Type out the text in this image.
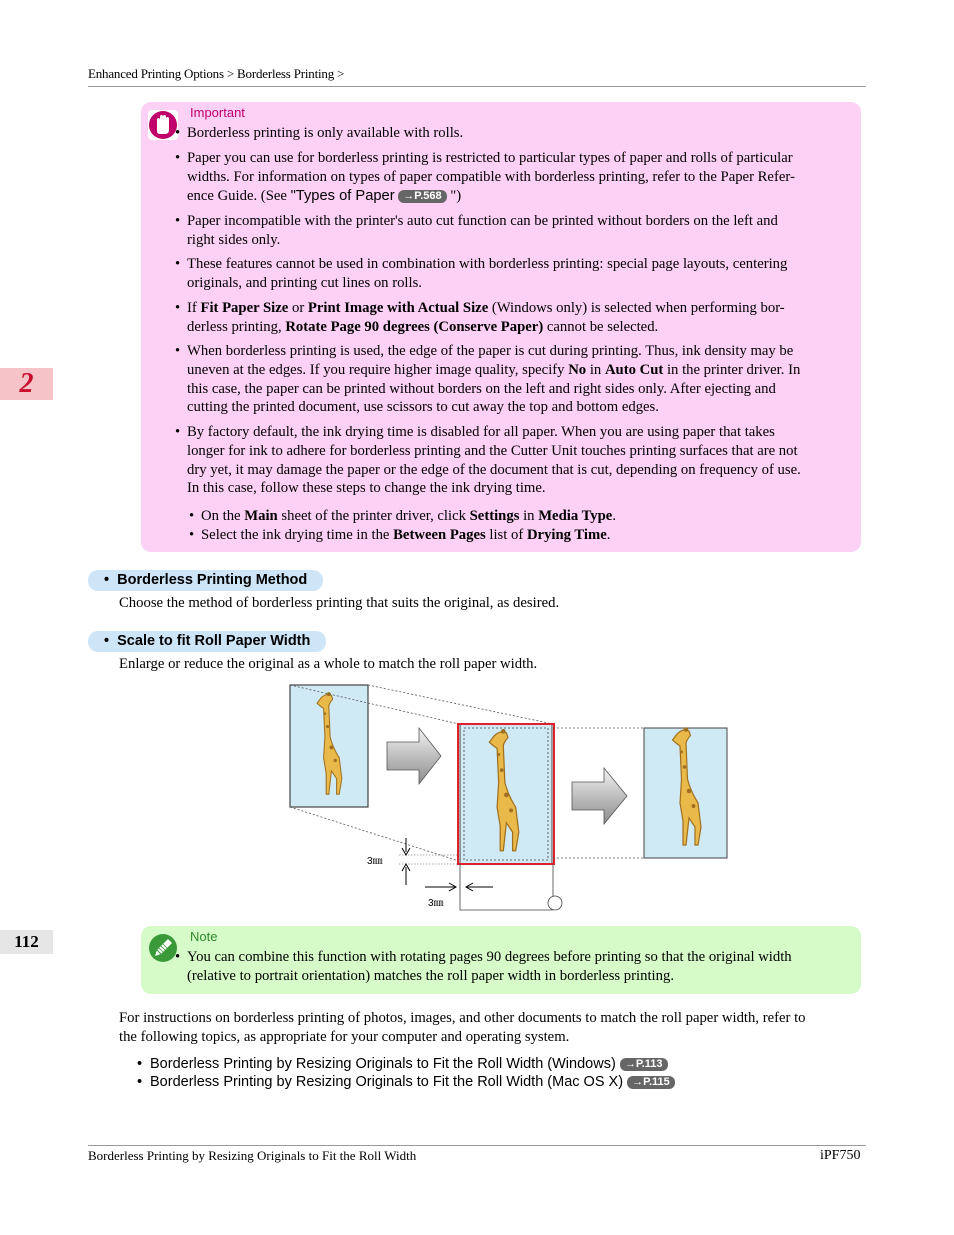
Enhanced Printing Options > Borderless Printing >
2
112
Important
• Borderless printing is only available with rolls.
• Paper you can use for borderless printing is restricted to particular types of paper and rolls of particular
widths. For information on types of paper compatible with borderless printing, refer to the Paper Refer-
ence Guide. (See "Types of Paper →P.568 ")
• Paper incompatible with the printer's auto cut function can be printed without borders on the left and
right sides only.
• These features cannot be used in combination with borderless printing: special page layouts, centering
originals, and printing cut lines on rolls.
• If Fit Paper Size or Print Image with Actual Size (Windows only) is selected when performing bor-
derless printing, Rotate Page 90 degrees (Conserve Paper) cannot be selected.
• When borderless printing is used, the edge of the paper is cut during printing. Thus, ink density may be
uneven at the edges. If you require higher image quality, specify No in Auto Cut in the printer driver. In
this case, the paper can be printed without borders on the left and right sides only. After ejecting and
cutting the printed document, use scissors to cut away the top and bottom edges.
• By factory default, the ink drying time is disabled for all paper. When you are using paper that takes
longer for ink to adhere for borderless printing and the Cutter Unit touches printing surfaces that are not
dry yet, it may damage the paper or the edge of the document that is cut, depending on frequency of use.
In this case, follow these steps to change the ink drying time.
• On the Main sheet of the printer driver, click Settings in Media Type.
• Select the ink drying time in the Between Pages list of Drying Time.
•  Borderless Printing Method
Choose the method of borderless printing that suits the original, as desired.
•  Scale to fit Roll Paper Width
Enlarge or reduce the original as a whole to match the roll paper width.
3㎜
3㎜
Note
• You can combine this function with rotating pages 90 degrees before printing so that the original width
(relative to portrait orientation) matches the roll paper width in borderless printing.
For instructions on borderless printing of photos, images, and other documents to match the roll paper width, refer to
the following topics, as appropriate for your computer and operating system.
• Borderless Printing by Resizing Originals to Fit the Roll Width (Windows) →P.113
• Borderless Printing by Resizing Originals to Fit the Roll Width (Mac OS X) →P.115
Borderless Printing by Resizing Originals to Fit the Roll Width	iPF750
